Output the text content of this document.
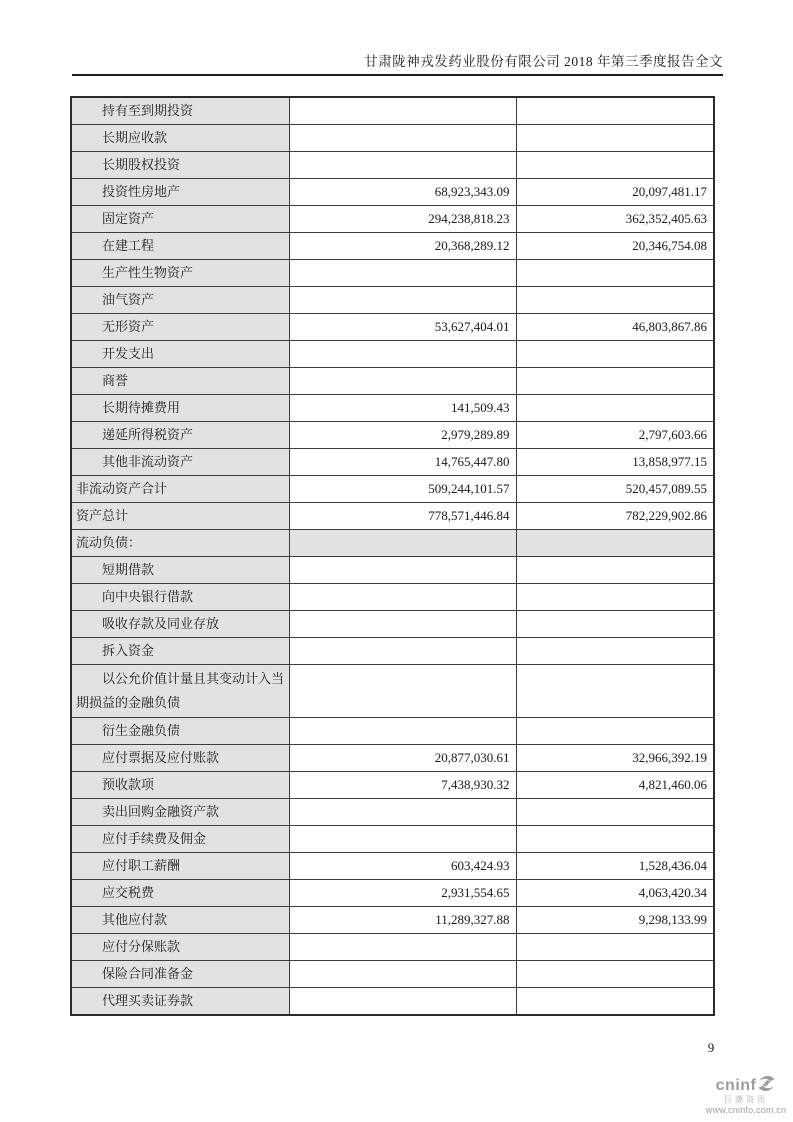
甘肃陇神戎发药业股份有限公司 2018 年第三季度报告全文
持有至到期投资		
长期应收款		
长期股权投资		
投资性房地产	68,923,343.09	20,097,481.17
固定资产	294,238,818.23	362,352,405.63
在建工程	20,368,289.12	20,346,754.08
生产性生物资产		
油气资产		
无形资产	53,627,404.01	46,803,867.86
开发支出		
商誉		
长期待摊费用	141,509.43	
递延所得税资产	2,979,289.89	2,797,603.66
其他非流动资产	14,765,447.80	13,858,977.15
非流动资产合计	509,244,101.57	520,457,089.55
资产总计	778,571,446.84	782,229,902.86
流动负债：		
短期借款		
向中央银行借款		
吸收存款及同业存放		
拆入资金		
以公允价值计量且其变动计入当期损益的金融负债		
衍生金融负债		
应付票据及应付账款	20,877,030.61	32,966,392.19
预收款项	7,438,930.32	4,821,460.06
卖出回购金融资产款		
应付手续费及佣金		
应付职工薪酬	603,424.93	1,528,436.04
应交税费	2,931,554.65	4,063,420.34
其他应付款	11,289,327.88	9,298,133.99
应付分保账款		
保险合同准备金		
代理买卖证券款		
9
cninf
巨潮资讯
www.cninfo.com.cn
